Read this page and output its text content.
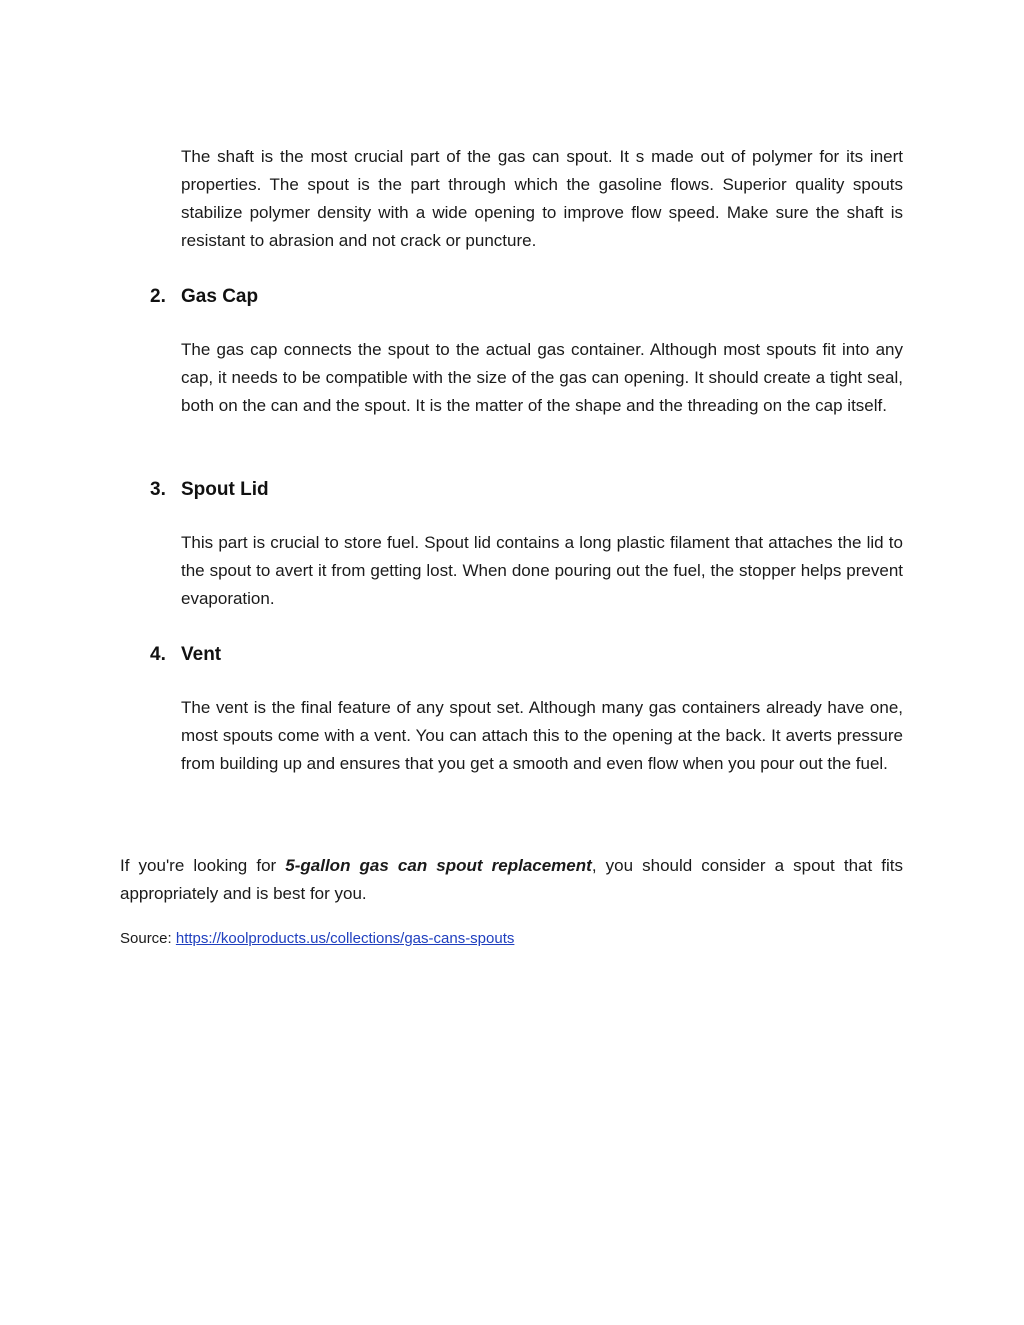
The shaft is the most crucial part of the gas can spout. It s made out of polymer for its inert properties. The spout is the part through which the gasoline flows. Superior quality spouts stabilize polymer density with a wide opening to improve flow speed. Make sure the shaft is resistant to abrasion and not crack or puncture.

2. Gas Cap

The gas cap connects the spout to the actual gas container. Although most spouts fit into any cap, it needs to be compatible with the size of the gas can opening. It should create a tight seal, both on the can and the spout. It is the matter of the shape and the threading on the cap itself.

3. Spout Lid

This part is crucial to store fuel. Spout lid contains a long plastic filament that attaches the lid to the spout to avert it from getting lost. When done pouring out the fuel, the stopper helps prevent evaporation.

4. Vent

The vent is the final feature of any spout set. Although many gas containers already have one, most spouts come with a vent. You can attach this to the opening at the back. It averts pressure from building up and ensures that you get a smooth and even flow when you pour out the fuel.

If you're looking for 5-gallon gas can spout replacement, you should consider a spout that fits appropriately and is best for you.

Source: https://koolproducts.us/collections/gas-cans-spouts
